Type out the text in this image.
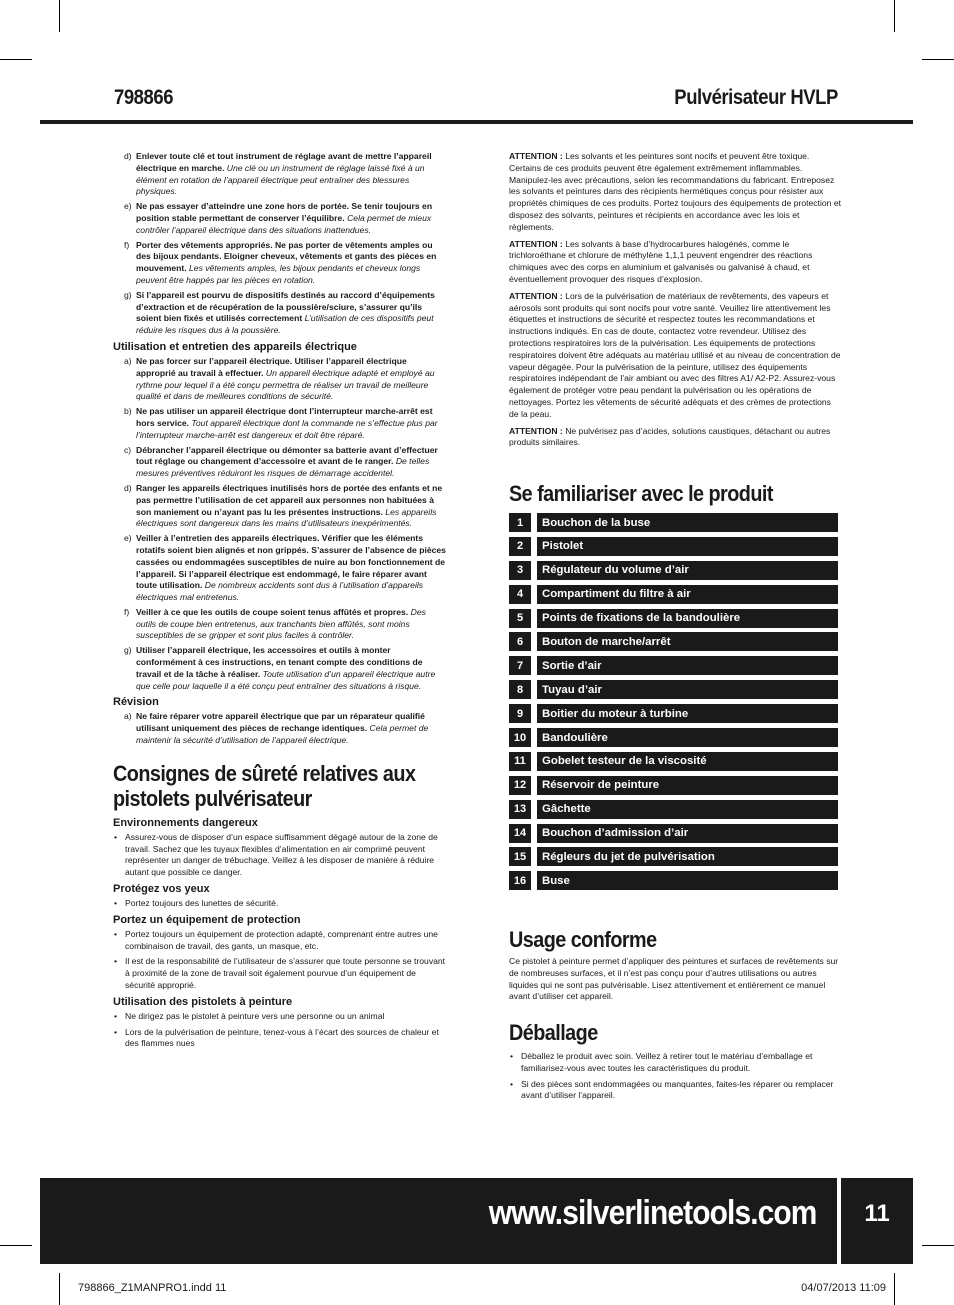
798866	Pulvérisateur HVLP
d) Enlever toute clé et tout instrument de réglage avant de mettre l’appareil électrique en marche. Une clé ou un instrument de réglage laissé fixé à un élément en rotation de l’appareil électrique peut entraîner des blessures physiques.
e) Ne pas essayer d’atteindre une zone hors de portée. Se tenir toujours en position stable permettant de conserver l’équilibre. Cela permet de mieux contrôler l’appareil électrique dans des situations inattendues.
f) Porter des vêtements appropriés. Ne pas porter de vêtements amples ou des bijoux pendants. Eloigner cheveux, vêtements et gants des pièces en mouvement. Les vêtements amples, les bijoux pendants et cheveux longs peuvent être happés par les pièces en rotation.
g) Si l’appareil est pourvu de dispositifs destinés au raccord d’équipements d’extraction et de récupération de la poussière/sciure, s’assurer qu’ils soient bien fixés et utilisés correctement L’utilisation de ces dispositifs peut réduire les risques dus à la poussière.
Utilisation et entretien des appareils électrique
a) Ne pas forcer sur l’appareil électrique. Utiliser l’appareil électrique approprié au travail à effectuer. Un appareil électrique adapté et employé au rythme pour lequel il a été conçu permettra de réaliser un travail de meilleure qualité et dans de meilleures conditions de sécurité.
b) Ne pas utiliser un appareil électrique dont l’interrupteur marche-arrêt est hors service. Tout appareil électrique dont la commande ne s’effectue plus par l’interrupteur marche-arrêt est dangereux et doit être réparé.
c) Débrancher l’appareil électrique ou démonter sa batterie avant d’effectuer tout réglage ou changement d’accessoire et avant de le ranger. De telles mesures préventives réduiront les risques de démarrage accidentel.
d) Ranger les appareils électriques inutilisés hors de portée des enfants et ne pas permettre l’utilisation de cet appareil aux personnes non habituées à son maniement ou n’ayant pas lu les présentes instructions. Les appareils électriques sont dangereux dans les mains d’utilisateurs inexpérimentés.
e) Veiller à l’entretien des appareils électriques. Vérifier que les éléments rotatifs soient bien alignés et non grippés. S’assurer de l’absence de pièces cassées ou endommagées susceptibles de nuire au bon fonctionnement de l’appareil. Si l’appareil électrique est endommagé, le faire réparer avant toute utilisation. De nombreux accidents sont dus à l’utilisation d’appareils électriques mal entretenus.
f) Veiller à ce que les outils de coupe soient tenus affûtés et propres. Des outils de coupe bien entretenus, aux tranchants bien affûtés, sont moins susceptibles de se gripper et sont plus faciles à contrôler.
g) Utiliser l’appareil électrique, les accessoires et outils à monter conformément à ces instructions, en tenant compte des conditions de travail et de la tâche à réaliser. Toute utilisation d’un appareil électrique autre que celle pour laquelle il a été conçu peut entraîner des situations à risque.
Révision
a) Ne faire réparer votre appareil électrique que par un réparateur qualifié utilisant uniquement des pièces de rechange identiques. Cela permet de maintenir la sécurité d’utilisation de l’appareil électrique.
Consignes de sûreté relatives aux
pistolets pulvérisateur
Environnements dangereux
• Assurez-vous de disposer d’un espace suffisamment dégagé autour de la zone de travail. Sachez que les tuyaux flexibles d’alimentation en air comprimé peuvent représenter un danger de trébuchage. Veillez à les disposer de manière à réduire autant que possible ce danger.
Protégez vos yeux
• Portez toujours des lunettes de sécurité.
Portez un équipement de protection
• Portez toujours un équipement de protection adapté, comprenant entre autres une combinaison de travail, des gants, un masque, etc.
• Il est de la responsabilité de l’utilisateur de s’assurer que toute personne se trouvant à proximité de la zone de travail soit également pourvue d’un équipement de sécurité approprié.
Utilisation des pistolets à peinture
• Ne dirigez pas le pistolet à peinture vers une personne ou un animal
• Lors de la pulvérisation de peinture, tenez-vous à l’écart des sources de chaleur et des flammes nues
ATTENTION : Les solvants et les peintures sont nocifs et peuvent être toxique. Certains de ces produits peuvent être également extrêmement inflammables. Manipulez-les avec précautions, selon les recommandations du fabricant. Entreposez les solvants et peintures dans des récipients hermétiques conçus pour résister aux propriétés chimiques de ces produits. Portez toujours des équipements de protection et disposez des solvants, peintures et récipients en accordance avec les lois et règlements.
ATTENTION : Les solvants à base d’hydrocarbures halogénés, comme le trichloroéthane et chlorure de méthylène 1,1,1 peuvent engendrer des réactions chimiques avec des corps en aluminium et galvanisés ou galvanisé à chaud, et éventuellement provoquer des risques d’explosion.
ATTENTION : Lors de la pulvérisation de matériaux de revêtements, des vapeurs et aérosols sont produits qui sont nocifs pour votre santé. Veuillez lire attentivement les étiquettes et instructions de sécurité et respectez toutes les recommandations et instructions indiqués. En cas de doute, contactez votre revendeur. Utilisez des protections respiratoires lors de la pulvérisation. Les équipements de protections respiratoires doivent être adéquats au matériau utilisé et au niveau de concentration de vapeur dégagée. Pour la pulvérisation de la peinture, utilisez des équipements respiratoires indépendant de l’air ambiant ou avec des filtres A1/ A2-P2. Assurez-vous également de protéger votre peau pendant la pulvérisation ou les opérations de nettoyages. Portez les vêtements de sécurité adéquats et des crèmes de protections de la peau.
ATTENTION : Ne pulvérisez pas d’acides, solutions caustiques, détachant ou autres produits similaires.
Se familiariser avec le produit
1	Bouchon de la buse
2	Pistolet
3	Régulateur du volume d’air
4	Compartiment du filtre à air
5	Points de fixations de la bandoulière
6	Bouton de marche/arrêt
7	Sortie d’air
8	Tuyau d’air
9	Boitier du moteur à turbine
10	Bandoulière
11	Gobelet testeur de la viscosité
12	Réservoir de peinture
13	Gâchette
14	Bouchon d’admission d’air
15	Régleurs du jet de pulvérisation
16	Buse
Usage conforme
Ce pistolet à peinture permet d’appliquer des peintures et surfaces de revêtements sur de nombreuses surfaces, et il n’est pas conçu pour d’autres utilisations ou autres liquides qui ne sont pas pulvérisable. Lisez attentivement et entièrement ce manuel avant d’utiliser cet appareil.
Déballage
• Déballez le produit avec soin. Veillez à retirer tout le matériau d’emballage et familiarisez-vous avec toutes les caractéristiques du produit.
• Si des pièces sont endommagées ou manquantes, faites-les réparer ou remplacer avant d’utiliser l’appareil.
www.silverlinetools.com	11
798866_Z1MANPRO1.indd 11	04/07/2013 11:09
